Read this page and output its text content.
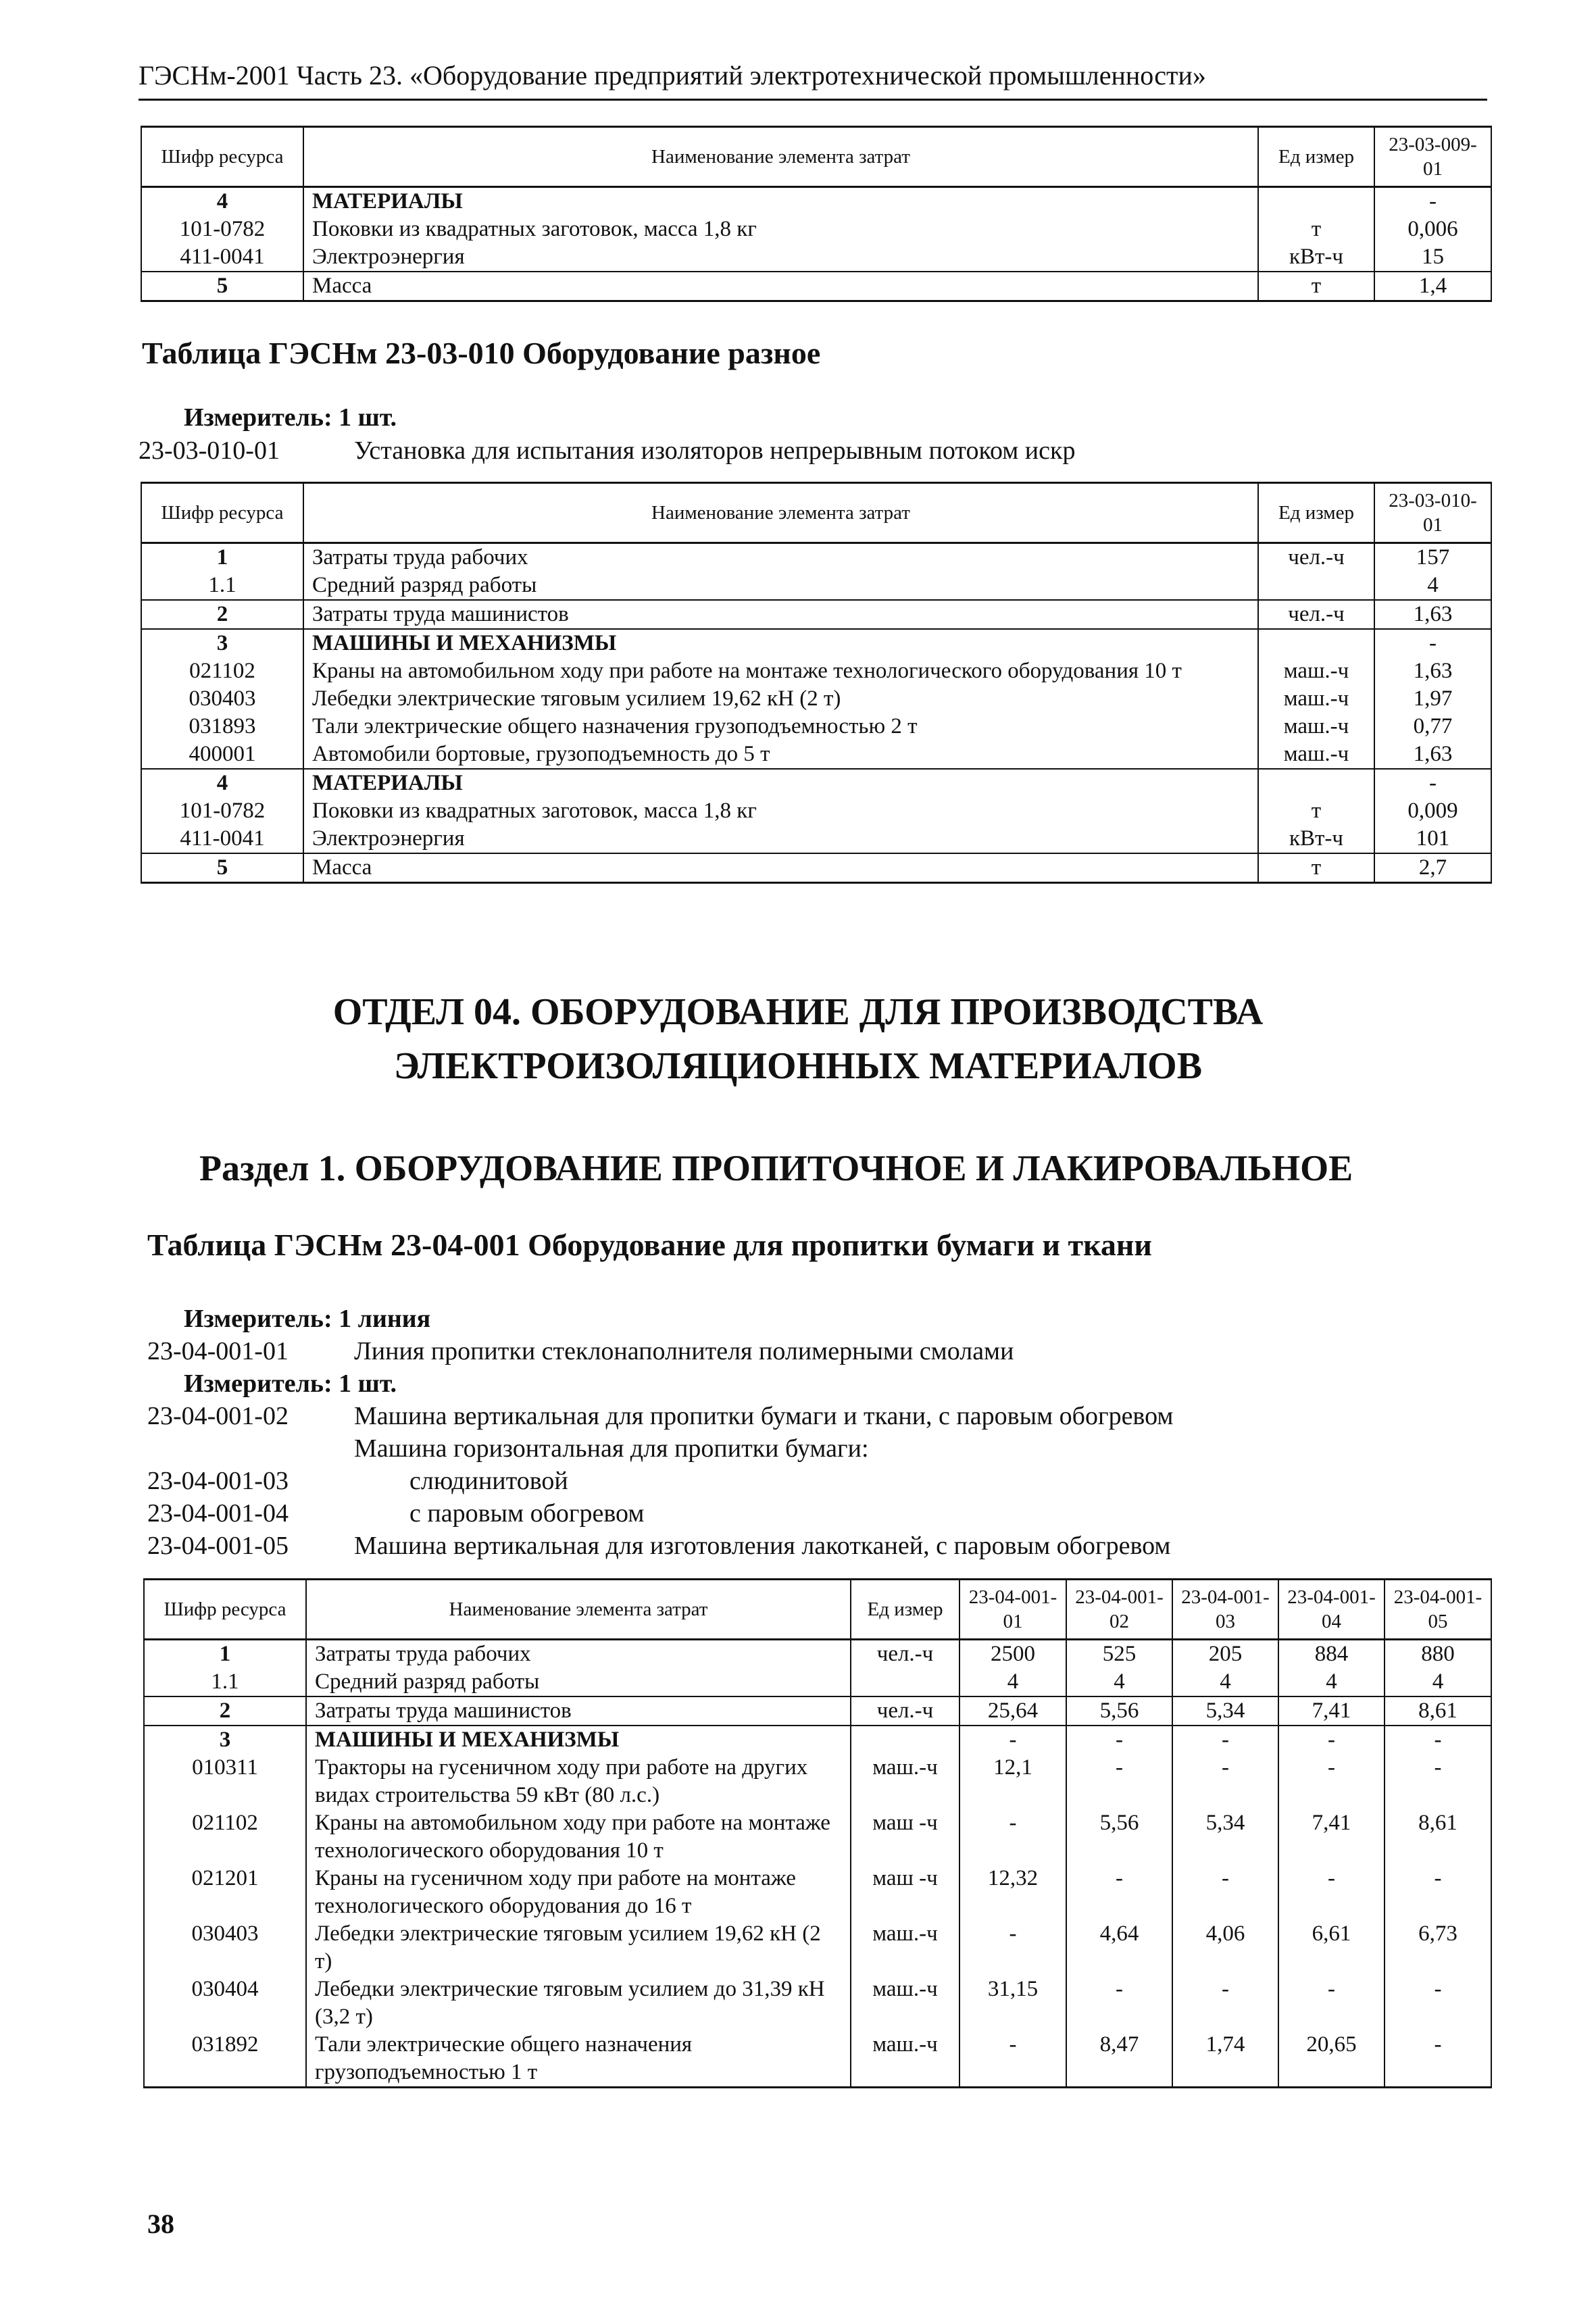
ГЭСНм-2001 Часть 23. «Оборудование предприятий электротехнической промышленности»
Шифр ресурса	Наименование элемента затрат	Ед измер	23-03-009-01
4	МАТЕРИАЛЫ		-
101-0782	Поковки из квадратных заготовок, масса 1,8 кг	т	0,006
411-0041	Электроэнергия	кВт-ч	15
5	Масса	т	1,4
Таблица ГЭСНм 23-03-010 Оборудование разное
Измеритель: 1 шт.
23-03-010-01	Установка для испытания изоляторов непрерывным потоком искр
Шифр ресурса	Наименование элемента затрат	Ед измер	23-03-010-01
1	Затраты труда рабочих	чел.-ч	157
1.1	Средний разряд работы		4
2	Затраты труда машинистов	чел.-ч	1,63
3	МАШИНЫ И МЕХАНИЗМЫ		-
021102	Краны на автомобильном ходу при работе на монтаже технологического оборудования 10 т	маш.-ч	1,63
030403	Лебедки электрические тяговым усилием 19,62 кН (2 т)	маш.-ч	1,97
031893	Тали электрические общего назначения грузоподъемностью 2 т	маш.-ч	0,77
400001	Автомобили бортовые, грузоподъемность до 5 т	маш.-ч	1,63
4	МАТЕРИАЛЫ		-
101-0782	Поковки из квадратных заготовок, масса 1,8 кг	т	0,009
411-0041	Электроэнергия	кВт-ч	101
5	Масса	т	2,7
ОТДЕЛ 04. ОБОРУДОВАНИЕ ДЛЯ ПРОИЗВОДСТВА
ЭЛЕКТРОИЗОЛЯЦИОННЫХ МАТЕРИАЛОВ
Раздел 1. ОБОРУДОВАНИЕ ПРОПИТОЧНОЕ И ЛАКИРОВАЛЬНОЕ
Таблица ГЭСНм 23-04-001 Оборудование для пропитки бумаги и ткани
Измеритель: 1 линия
23-04-001-01	Линия пропитки стеклонаполнителя полимерными смолами
Измеритель: 1 шт.
23-04-001-02	Машина вертикальная для пропитки бумаги и ткани, с паровым обогревом
Машина горизонтальная для пропитки бумаги:
23-04-001-03	слюдинитовой
23-04-001-04	с паровым обогревом
23-04-001-05	Машина вертикальная для изготовления лакотканей, с паровым обогревом
Шифр ресурса	Наименование элемента затрат	Ед измер	23-04-001-01	23-04-001-02	23-04-001-03	23-04-001-04	23-04-001-05
1	Затраты труда рабочих	чел.-ч	2500	525	205	884	880
1.1	Средний разряд работы		4	4	4	4	4
2	Затраты труда машинистов	чел.-ч	25,64	5,56	5,34	7,41	8,61
3	МАШИНЫ И МЕХАНИЗМЫ		-	-	-	-	-
010311	Тракторы на гусеничном ходу при работе на других видах строительства 59 кВт (80 л.с.)	маш.-ч	12,1	-	-	-	-
021102	Краны на автомобильном ходу при работе на монтаже технологического оборудования 10 т	маш -ч	-	5,56	5,34	7,41	8,61
021201	Краны на гусеничном ходу при работе на монтаже технологического оборудования до 16 т	маш -ч	12,32	-	-	-	-
030403	Лебедки электрические тяговым усилием 19,62 кН (2 т)	маш.-ч	-	4,64	4,06	6,61	6,73
030404	Лебедки электрические тяговым усилием до 31,39 кН (3,2 т)	маш.-ч	31,15	-	-	-	-
031892	Тали электрические общего назначения грузоподъемностью 1 т	маш.-ч	-	8,47	1,74	20,65	-
38
